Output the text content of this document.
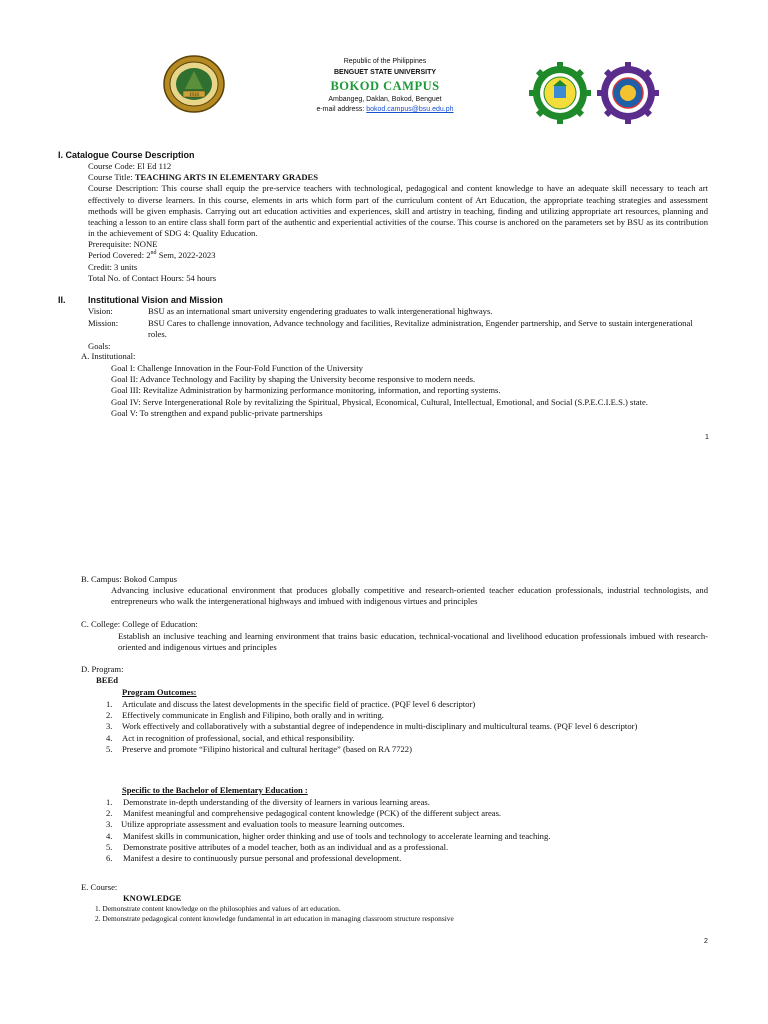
1916
Republic of the Philippines
BENGUET STATE UNIVERSITY
BOKOD CAMPUS
Ambangeg, Daklan, Bokod, Benguet
e-mail address: bokod.campus@bsu.edu.ph
I. Catalogue Course Description
Course Code: El Ed 112
Course Title: TEACHING ARTS IN ELEMENTARY GRADES
Course Description: This course shall equip the pre-service teachers with technological, pedagogical and content knowledge to have an adequate skill necessary to teach art effectively to diverse learners. In this course, elements in arts which form part of the curriculum content of Art Education, the appropriate teaching strategies and assessment methods will be given emphasis. Carrying out art education activities and experiences, skill and artistry in teaching, finding and utilizing appropriate art resources, planning and teaching a lesson to an entire class shall form part of the authentic and experiential activities of the course. This course is anchored on the parameters set by BSU as its contribution in the achievement of SDG 4: Quality Education.
Prerequisite: NONE
Period Covered: 2nd Sem, 2022-2023
Credit: 3 units
Total No. of Contact Hours: 54 hours
II. Institutional Vision and Mission
Vision:	BSU as an international smart university engendering graduates to walk intergenerational highways.
Mission:	BSU Cares to challenge innovation, Advance technology and facilities, Revitalize administration, Engender partnership, and Serve to sustain intergenerational roles.
Goals:
A. Institutional:
Goal I: Challenge Innovation in the Four-Fold Function of the University
Goal II: Advance Technology and Facility by shaping the University become responsive to modern needs.
Goal III: Revitalize Administration by harmonizing performance monitoring, information, and reporting systems.
Goal IV: Serve Intergenerational Role by revitalizing the Spiritual, Physical, Economical, Cultural, Intellectual, Emotional, and Social (S.P.E.C.I.E.S.) state.
Goal V: To strengthen and expand public-private partnerships
1
B. Campus: Bokod Campus
Advancing inclusive educational environment that produces globally competitive and research-oriented teacher education professionals, industrial technologists, and entrepreneurs who walk the intergenerational highways and imbued with indigenous virtues and principles
C. College: College of Education:
Establish an inclusive teaching and learning environment that trains basic education, technical-vocational and livelihood education professionals imbued with research-oriented and indigenous virtues and principles
D. Program:
BEEd
Program Outcomes:
1.	Articulate and discuss the latest developments in the specific field of practice. (PQF level 6 descriptor)
2.	Effectively communicate in English and Filipino, both orally and in writing.
3.	Work effectively and collaboratively with a substantial degree of independence in multi-disciplinary and multicultural teams. (PQF level 6 descriptor)
4.	Act in recognition of professional, social, and ethical responsibility.
5.	Preserve and promote “Filipino historical and cultural heritage” (based on RA 7722)
Specific to the Bachelor of Elementary Education :
1.	Demonstrate in-depth understanding of the diversity of learners in various learning areas.
2.	Manifest meaningful and comprehensive pedagogical content knowledge (PCK) of the different subject areas.
3. Utilize appropriate assessment and evaluation tools to measure learning outcomes.
4.	Manifest skills in communication, higher order thinking and use of tools and technology to accelerate learning and teaching.
5.	Demonstrate positive attributes of a model teacher, both as an individual and as a professional.
6.	Manifest a desire to continuously pursue personal and professional development.
E. Course:
KNOWLEDGE
1. Demonstrate content knowledge on the philosophies and values of art education.
2. Demonstrate pedagogical content knowledge fundamental in art education in managing classroom structure responsive
2
